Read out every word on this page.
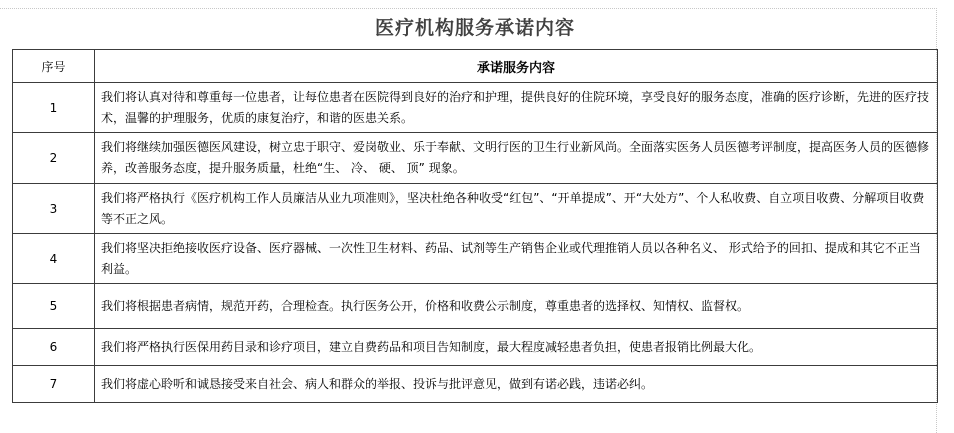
医疗机构服务承诺内容
序号	承诺服务内容
1	我们将认真对待和尊重每一位患者，让每位患者在医院得到良好的治疗和护理，提供良好的住院环境，享受良好的服务态度，准确的医疗诊断，先进的医疗技术，温馨的护理服务，优质的康复治疗，和谐的医患关系。
2	我们将继续加强医德医风建设，树立忠于职守、爱岗敬业、乐于奉献、文明行医的卫生行业新风尚。全面落实医务人员医德考评制度，提高医务人员的医德修养，改善服务态度，提升服务质量，杜绝“生、 冷、 硬、 顶” 现象。
3	我们将严格执行《医疗机构工作人员廉洁从业九项准则》，坚决杜绝各种收受“红包”、“开单提成”、开“大处方”、个人私收费、自立项目收费、分解项目收费等不正之风。
4	我们将坚决拒绝接收医疗设备、医疗器械、一次性卫生材料、药品、试剂等生产销售企业或代理推销人员以各种名义、 形式给予的回扣、提成和其它不正当利益。
5	我们将根据患者病情，规范开药，合理检查。执行医务公开，价格和收费公示制度，尊重患者的选择权、知情权、监督权。
6	我们将严格执行医保用药目录和诊疗项目，建立自费药品和项目告知制度，最大程度减轻患者负担，使患者报销比例最大化。
7	我们将虚心聆听和诚恳接受来自社会、病人和群众的举报、投诉与批评意见，做到有诺必践，违诺必纠。
